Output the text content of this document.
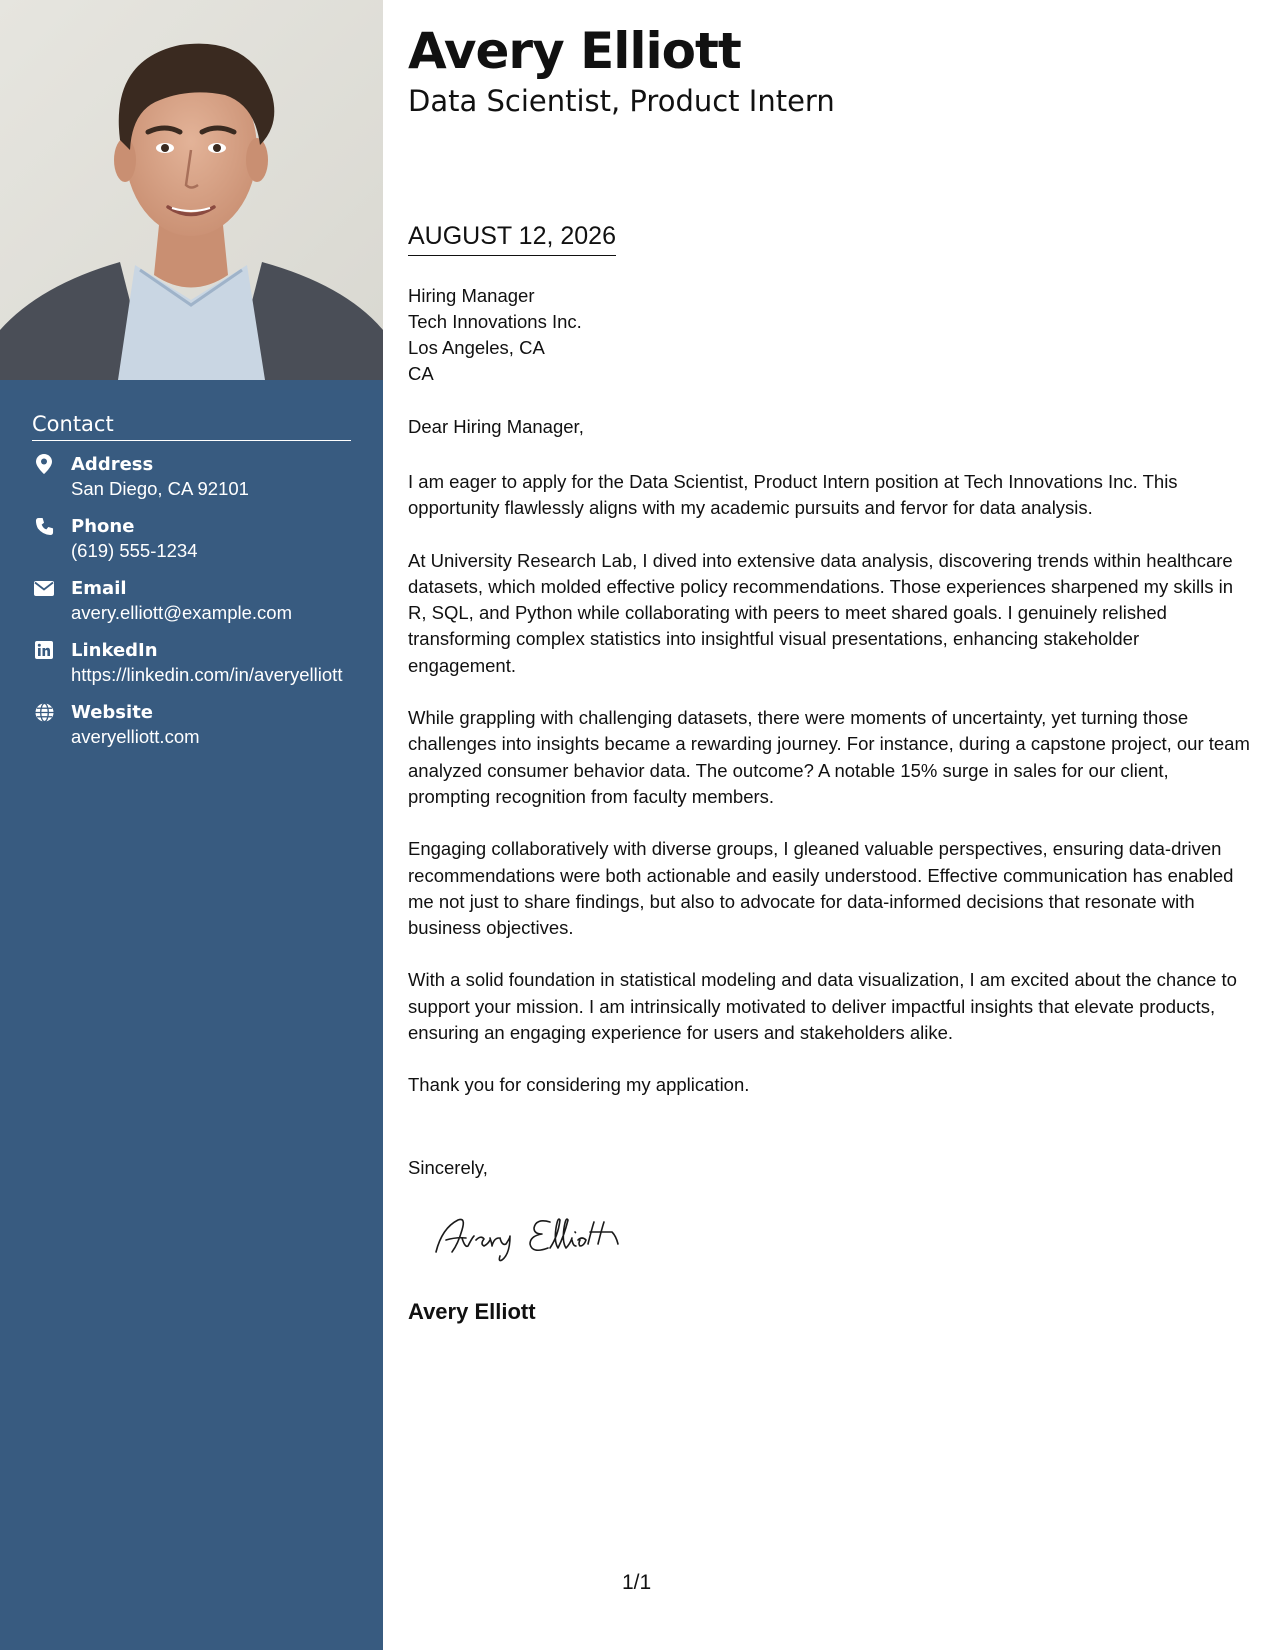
Contact
Address
San Diego, CA 92101
Phone
(619) 555-1234
Email
avery.elliott@example.com
LinkedIn
https://linkedin.com/in/averyelliott
Website
averyelliott.com
Avery Elliott
Data Scientist, Product Intern
AUGUST 12, 2026
Hiring Manager
Tech Innovations Inc.
Los Angeles, CA
CA
Dear Hiring Manager,

I am eager to apply for the Data Scientist, Product Intern position at Tech Innovations Inc. This opportunity flawlessly aligns with my academic pursuits and fervor for data analysis.

At University Research Lab, I dived into extensive data analysis, discovering trends within healthcare datasets, which molded effective policy recommendations. Those experiences sharpened my skills in R, SQL, and Python while collaborating with peers to meet shared goals. I genuinely relished transforming complex statistics into insightful visual presentations, enhancing stakeholder engagement.

While grappling with challenging datasets, there were moments of uncertainty, yet turning those challenges into insights became a rewarding journey. For instance, during a capstone project, our team analyzed consumer behavior data. The outcome? A notable 15% surge in sales for our client, prompting recognition from faculty members.

Engaging collaboratively with diverse groups, I gleaned valuable perspectives, ensuring data-driven recommendations were both actionable and easily understood. Effective communication has enabled me not just to share findings, but also to advocate for data-informed decisions that resonate with business objectives.

With a solid foundation in statistical modeling and data visualization, I am excited about the chance to support your mission. I am intrinsically motivated to deliver impactful insights that elevate products, ensuring an engaging experience for users and stakeholders alike.

Thank you for considering my application.

Sincerely,
Avery Elliott
1/1
